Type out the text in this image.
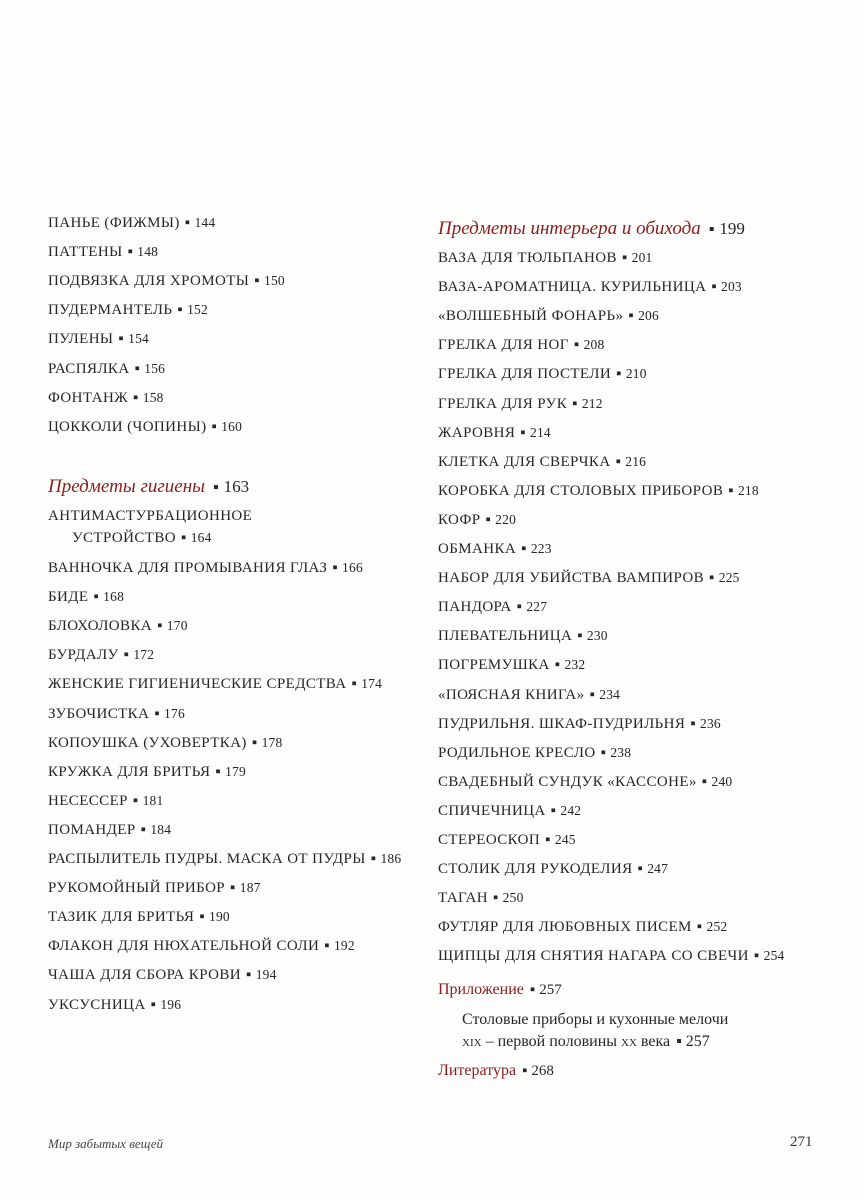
ПАНЬЕ (ФИЖМЫ) ▪ 144
ПАТТЕНЫ ▪ 148
ПОДВЯЗКА ДЛЯ ХРОМОТЫ ▪ 150
ПУДЕРМАНТЕЛЬ ▪ 152
ПУЛЕНЫ ▪ 154
РАСПЯЛКА ▪ 156
ФОНТАНЖ ▪ 158
ЦОККОЛИ (ЧОПИНЫ) ▪ 160
Предметы гигиены ▪ 163
АНТИМАСТУРБАЦИОННОЕ
УСТРОЙСТВО ▪ 164
ВАННОЧКА ДЛЯ ПРОМЫВАНИЯ ГЛАЗ ▪ 166
БИДЕ ▪ 168
БЛОХОЛОВКА ▪ 170
БУРДАЛУ ▪ 172
ЖЕНСКИЕ ГИГИЕНИЧЕСКИЕ СРЕДСТВА ▪ 174
ЗУБОЧИСТКА ▪ 176
КОПОУШКА (УХОВЕРТКА) ▪ 178
КРУЖКА ДЛЯ БРИТЬЯ ▪ 179
НЕСЕССЕР ▪ 181
ПОМАНДЕР ▪ 184
РАСПЫЛИТЕЛЬ ПУДРЫ. МАСКА ОТ ПУДРЫ ▪ 186
РУКОМОЙНЫЙ ПРИБОР ▪ 187
ТАЗИК ДЛЯ БРИТЬЯ ▪ 190
ФЛАКОН ДЛЯ НЮХАТЕЛЬНОЙ СОЛИ ▪ 192
ЧАША ДЛЯ СБОРА КРОВИ ▪ 194
УКСУСНИЦА ▪ 196
Предметы интерьера и обихода ▪ 199
ВАЗА ДЛЯ ТЮЛЬПАНОВ ▪ 201
ВАЗА-АРОМАТНИЦА. КУРИЛЬНИЦА ▪ 203
«ВОЛШЕБНЫЙ ФОНАРЬ» ▪ 206
ГРЕЛКА ДЛЯ НОГ ▪ 208
ГРЕЛКА ДЛЯ ПОСТЕЛИ ▪ 210
ГРЕЛКА ДЛЯ РУК ▪ 212
ЖАРОВНЯ ▪ 214
КЛЕТКА ДЛЯ СВЕРЧКА ▪ 216
КОРОБКА ДЛЯ СТОЛОВЫХ ПРИБОРОВ ▪ 218
КОФР ▪ 220
ОБМАНКА ▪ 223
НАБОР ДЛЯ УБИЙСТВА ВАМПИРОВ ▪ 225
ПАНДОРА ▪ 227
ПЛЕВАТЕЛЬНИЦА ▪ 230
ПОГРЕМУШКА ▪ 232
«ПОЯСНАЯ КНИГА» ▪ 234
ПУДРИЛЬНЯ. ШКАФ-ПУДРИЛЬНЯ ▪ 236
РОДИЛЬНОЕ КРЕСЛО ▪ 238
СВАДЕБНЫЙ СУНДУК «КАССОНЕ» ▪ 240
СПИЧЕЧНИЦА ▪ 242
СТЕРЕОСКОП ▪ 245
СТОЛИК ДЛЯ РУКОДЕЛИЯ ▪ 247
ТАГАН ▪ 250
ФУТЛЯР ДЛЯ ЛЮБОВНЫХ ПИСЕМ ▪ 252
ЩИПЦЫ ДЛЯ СНЯТИЯ НАГАРА СО СВЕЧИ ▪ 254
Приложение ▪ 257
Столовые приборы и кухонные мелочи
xix – первой половины xx века ▪ 257
Литература ▪ 268
Мир забытых вещей	271
